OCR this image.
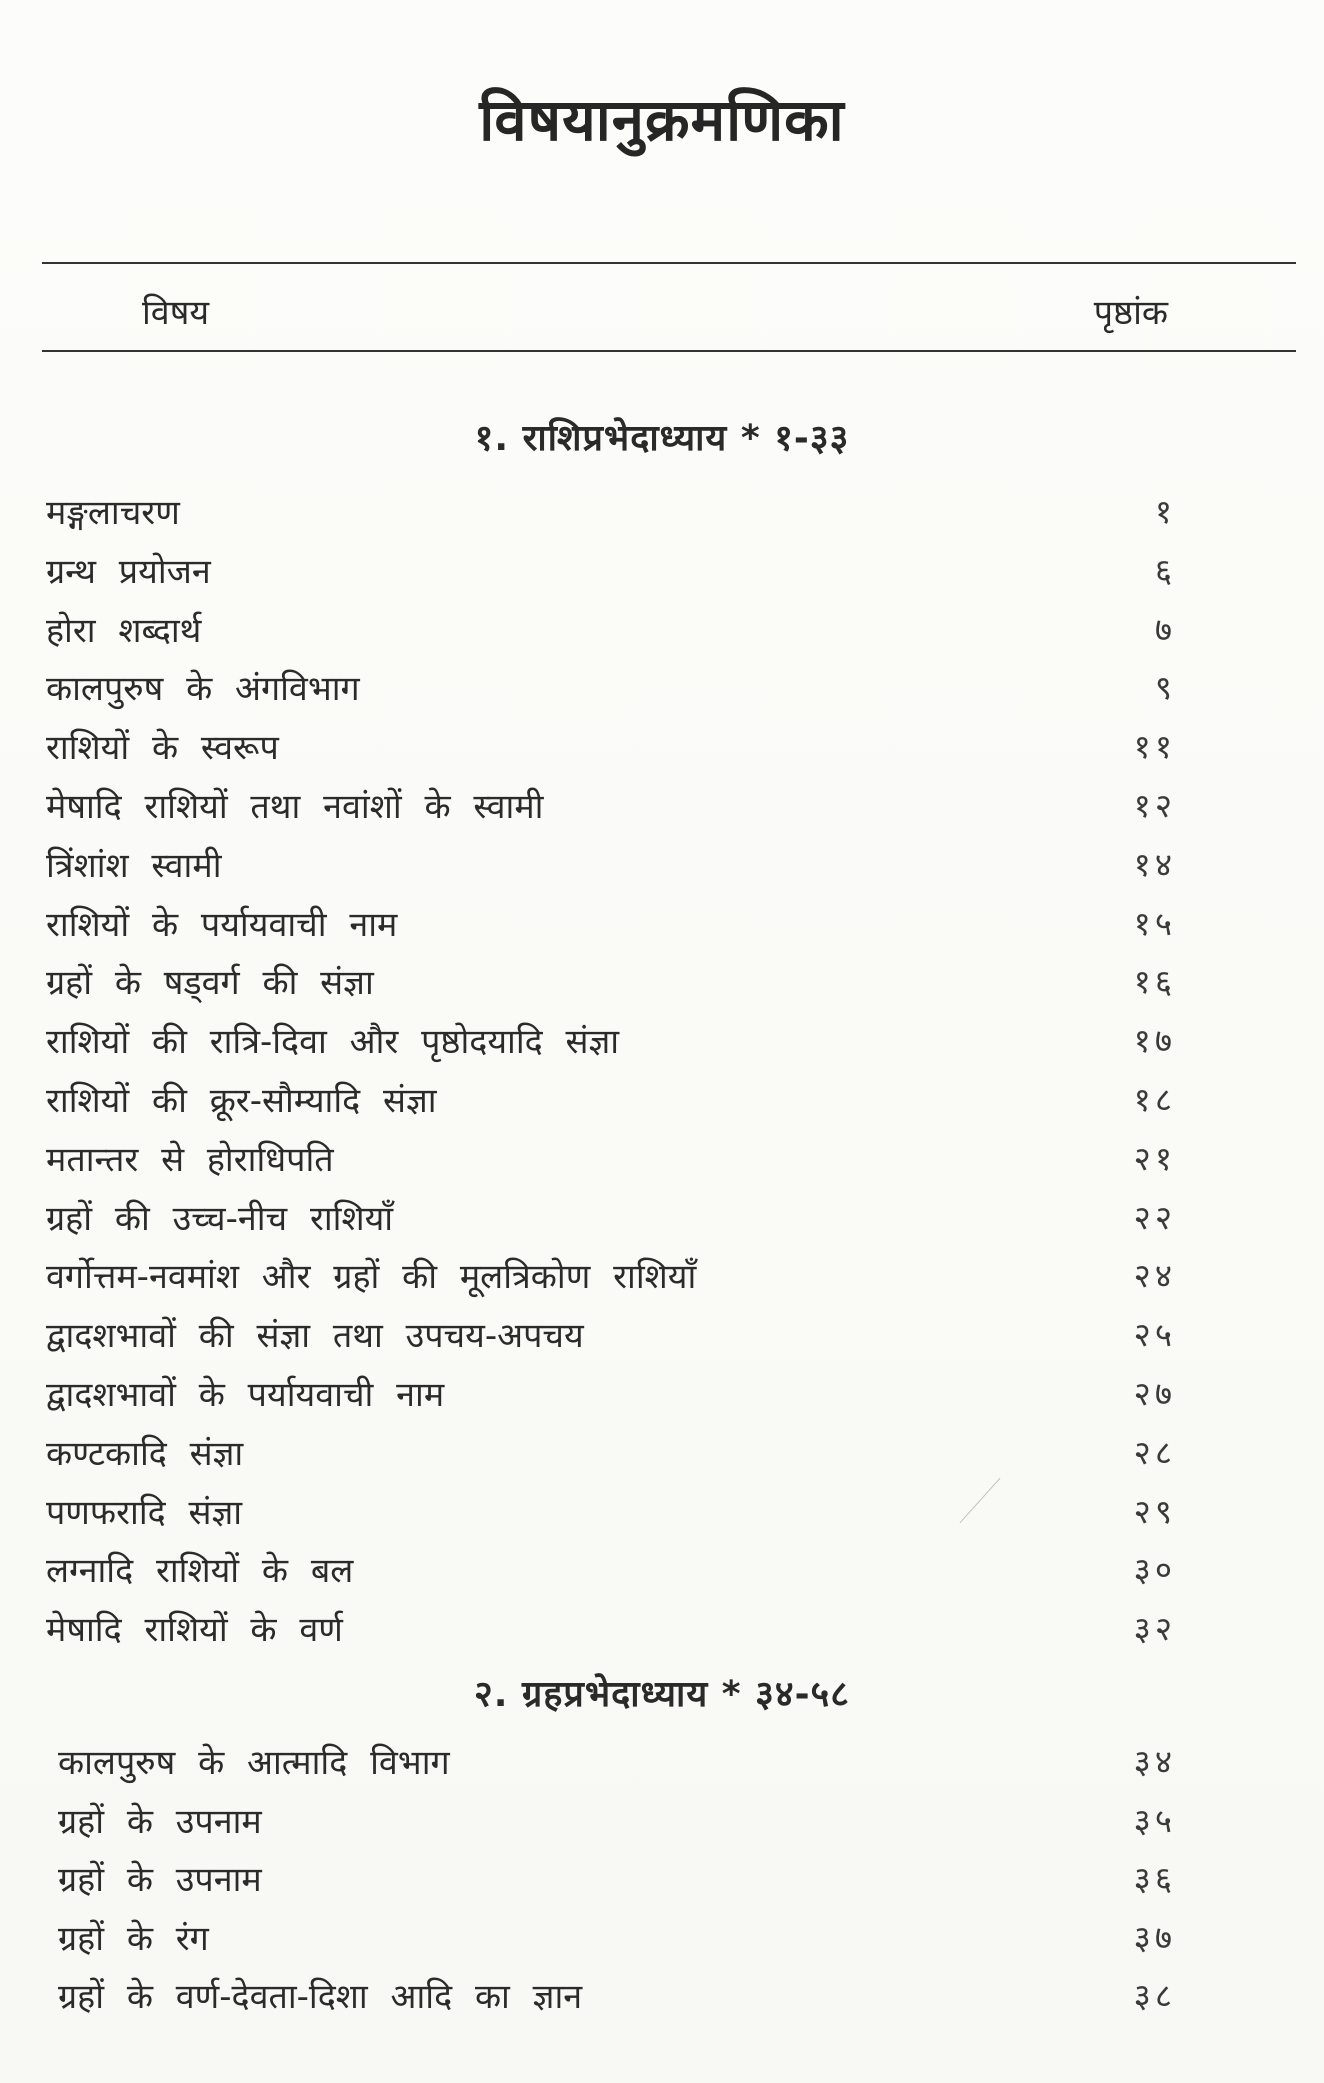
विषयानुक्रमणिका
विषय	पृष्ठांक
१. राशिप्रभेदाध्याय * १-३३
मङ्गलाचरण	१
ग्रन्थ प्रयोजन	६
होरा शब्दार्थ	७
कालपुरुष के अंगविभाग	९
राशियों के स्वरूप	११
मेषादि राशियों तथा नवांशों के स्वामी	१२
त्रिंशांश स्वामी	१४
राशियों के पर्यायवाची नाम	१५
ग्रहों के षड्वर्ग की संज्ञा	१६
राशियों की रात्रि-दिवा और पृष्ठोदयादि संज्ञा	१७
राशियों की क्रूर-सौम्यादि संज्ञा	१८
मतान्तर से होराधिपति	२१
ग्रहों की उच्च-नीच राशियाँ	२२
वर्गोत्तम-नवमांश और ग्रहों की मूलत्रिकोण राशियाँ	२४
द्वादशभावों की संज्ञा तथा उपचय-अपचय	२५
द्वादशभावों के पर्यायवाची नाम	२७
कण्टकादि संज्ञा	२८
पणफरादि संज्ञा	२९
लग्नादि राशियों के बल	३०
मेषादि राशियों के वर्ण	३२
२. ग्रहप्रभेदाध्याय * ३४-५८
कालपुरुष के आत्मादि विभाग	३४
ग्रहों के उपनाम	३५
ग्रहों के उपनाम	३६
ग्रहों के रंग	३७
ग्रहों के वर्ण-देवता-दिशा आदि का ज्ञान	३८
